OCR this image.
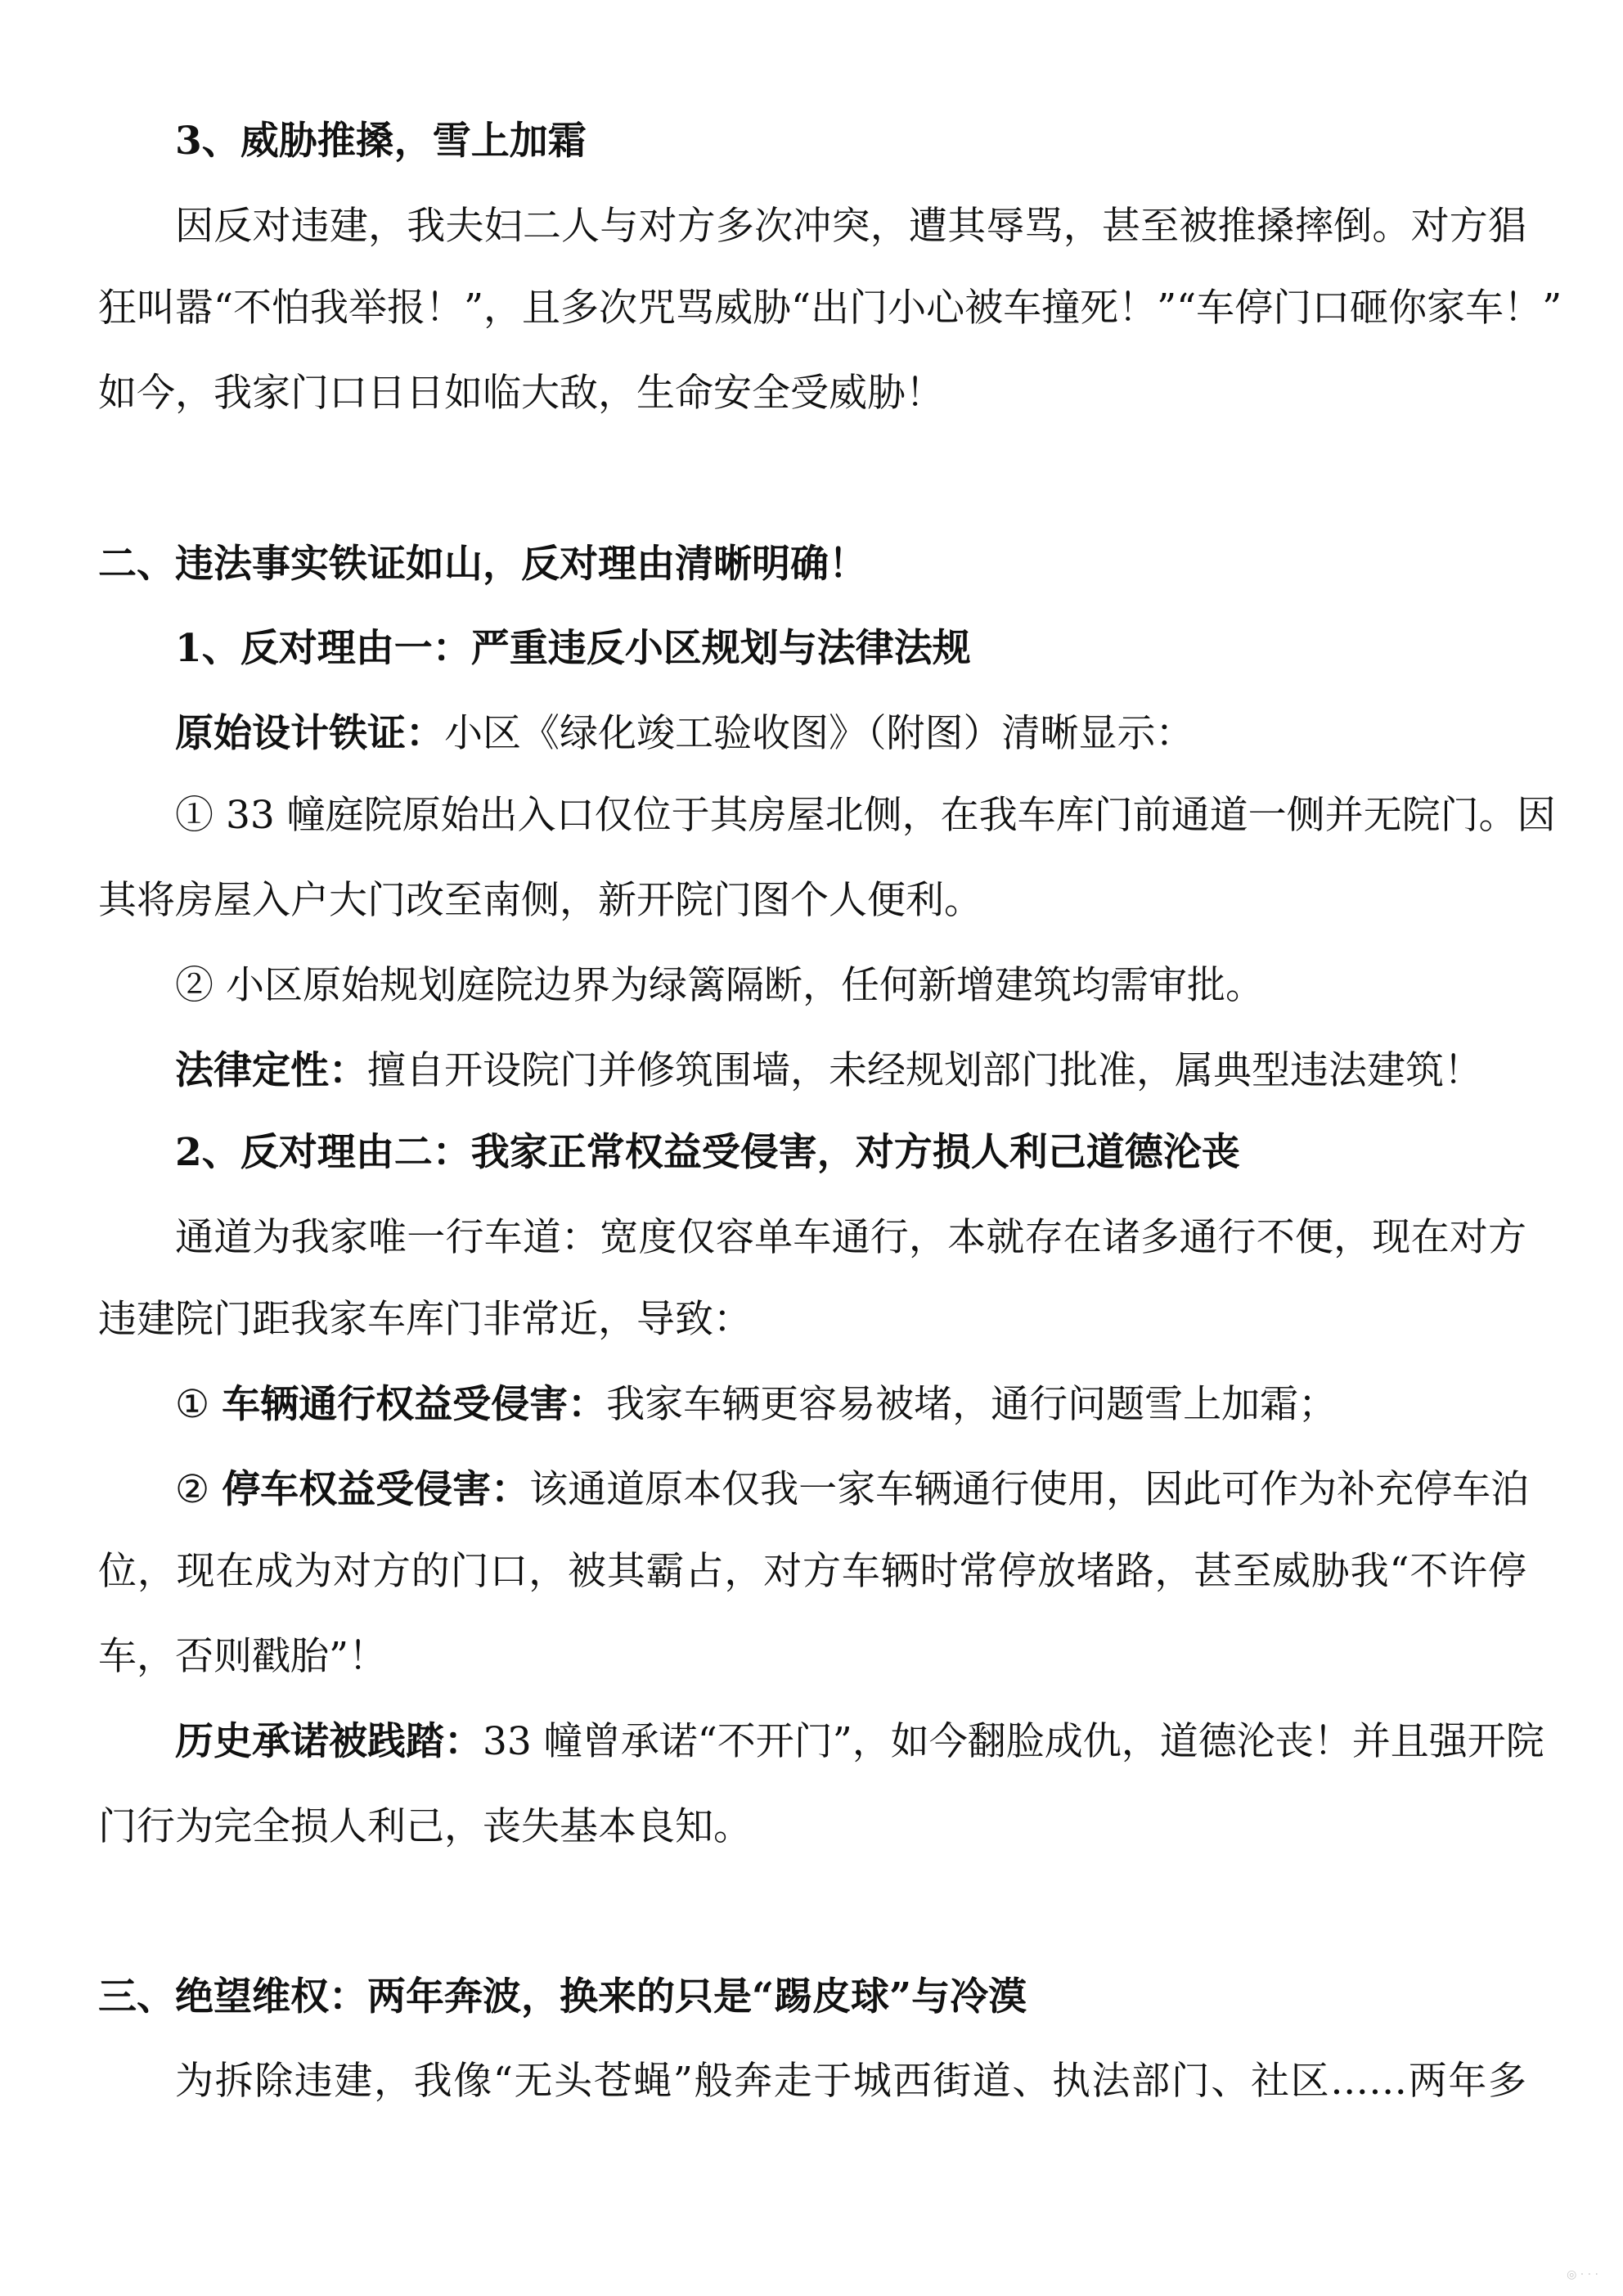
3、威胁推搡，雪上加霜
因反对违建，我夫妇二人与对方多次冲突，遭其辱骂，甚至被推搡摔倒。对方猖
狂叫嚣“不怕我举报！”，且多次咒骂威胁“出门小心被车撞死！”“车停门口砸你家车！”
如今，我家门口日日如临大敌，生命安全受威胁！
二、违法事实铁证如山，反对理由清晰明确！
1、反对理由一：严重违反小区规划与法律法规
原始设计铁证：小区《绿化竣工验收图》（附图）清晰显示：
① 33 幢庭院原始出入口仅位于其房屋北侧，在我车库门前通道一侧并无院门。因
其将房屋入户大门改至南侧，新开院门图个人便利。
② 小区原始规划庭院边界为绿篱隔断，任何新增建筑均需审批。
法律定性：擅自开设院门并修筑围墙，未经规划部门批准，属典型违法建筑！
2、反对理由二：我家正常权益受侵害，对方损人利己道德沦丧
通道为我家唯一行车道：宽度仅容单车通行，本就存在诸多通行不便，现在对方
违建院门距我家车库门非常近，导致：
① 车辆通行权益受侵害：我家车辆更容易被堵，通行问题雪上加霜；
② 停车权益受侵害：该通道原本仅我一家车辆通行使用，因此可作为补充停车泊
位，现在成为对方的门口，被其霸占，对方车辆时常停放堵路，甚至威胁我“不许停
车，否则戳胎”！
历史承诺被践踏：33 幢曾承诺“不开门”，如今翻脸成仇，道德沦丧！并且强开院
门行为完全损人利己，丧失基本良知。
三、绝望维权：两年奔波，换来的只是“踢皮球”与冷漠
为拆除违建，我像“无头苍蝇”般奔走于城西街道、执法部门、社区……两年多
◎ · · ·
